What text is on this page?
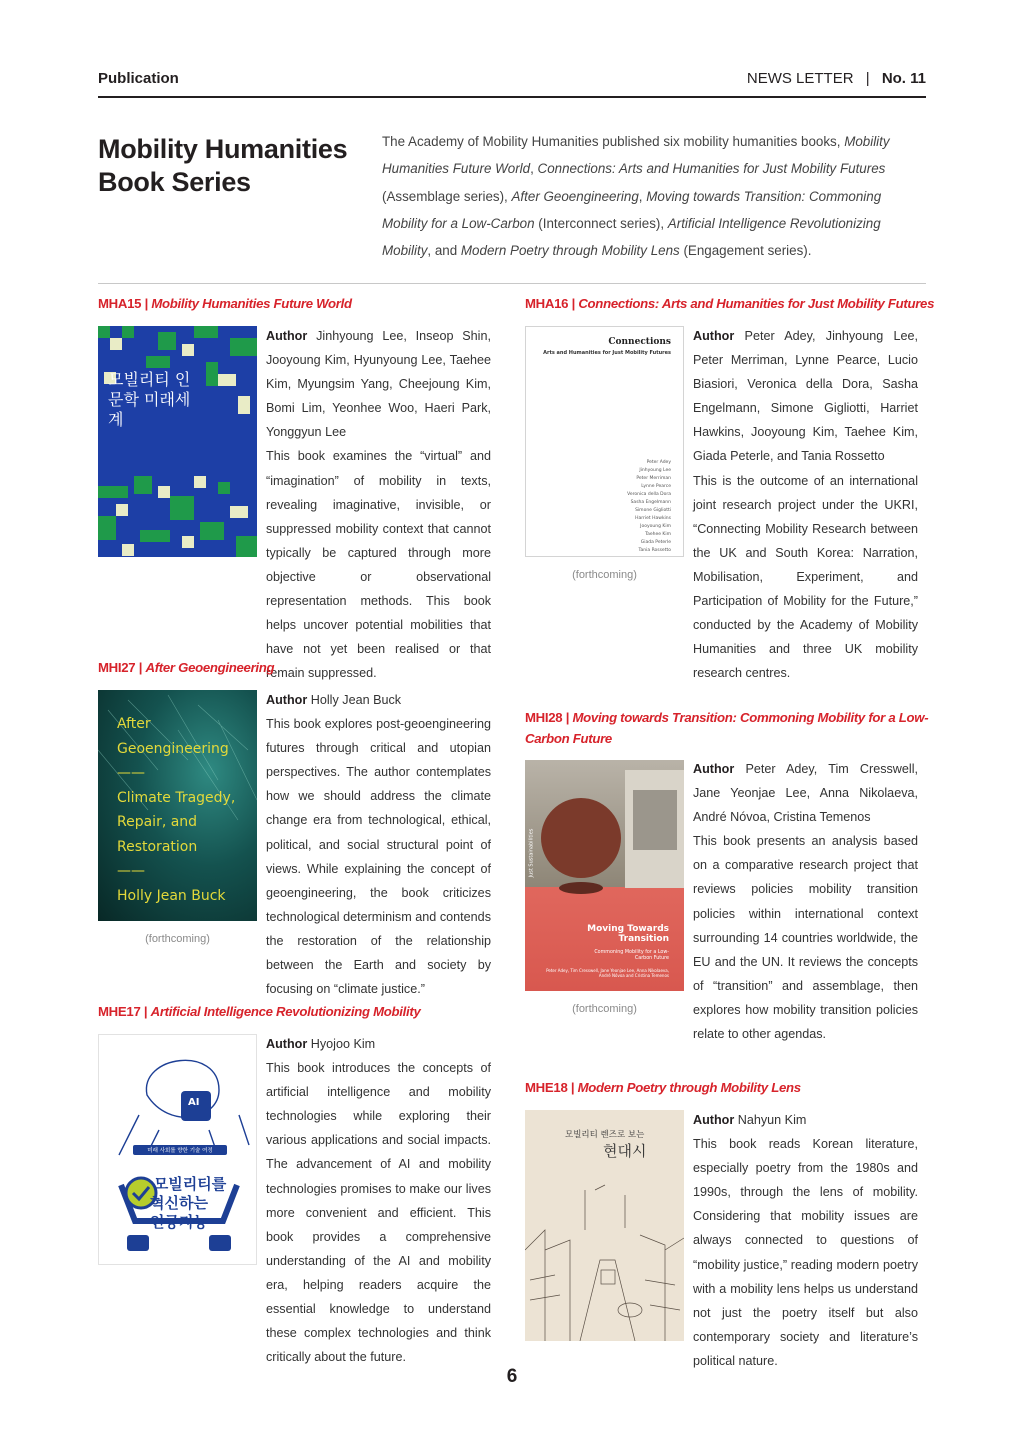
Publication	NEWS LETTER | No. 11
Mobility Humanities Book Series
The Academy of Mobility Humanities published six mobility humanities books, Mobility Humanities Future World, Connections: Arts and Humanities for Just Mobility Futures (Assemblage series), After Geoengineering, Moving towards Transition: Commoning Mobility for a Low-Carbon (Interconnect series), Artificial Intelligence Revolutionizing Mobility, and Modern Poetry through Mobility Lens (Engagement series).
MHA15 | Mobility Humanities Future World
모빌리티 인문학 미래세계
Author Jinhyoung Lee, Inseop Shin, Jooyoung Kim, Hyunyoung Lee, Taehee Kim, Myungsim Yang, Cheejoung Kim, Bomi Lim, Yeonhee Woo, Haeri Park, Yonggyun Lee
This book examines the “virtual” and “imagination” of mobility in texts, revealing imaginative, invisible, or suppressed mobility context that cannot typically be captured through more objective or observational representation methods. This book helps uncover potential mobilities that have not yet been realised or that remain suppressed.
MHA16 | Connections: Arts and Humanities for Just Mobility Futures
Connections
Arts and Humanities for Just Mobility Futures
Peter Adey
Jinhyoung Lee
Peter Merriman
Lynne Pearce
Veronica della Dora
Sasha Engelmann
Simone Gigliotti
Harriet Hawkins
Jooyoung Kim
Taehee Kim
Giada Peterle
Tania Rossetto
(forthcoming)
Author Peter Adey, Jinhyoung Lee, Peter Merriman, Lynne Pearce, Lucio Biasiori, Veronica della Dora, Sasha Engelmann, Simone Gigliotti, Harriet Hawkins, Jooyoung Kim, Taehee Kim, Giada Peterle, and Tania Rossetto
This is the outcome of an international joint research project under the UKRI, “Connecting Mobility Research between the UK and South Korea: Narration, Mobilisation, Experiment, and Participation of Mobility for the Future,” conducted by the Academy of Mobility Humanities and three UK mobility research centres.
MHI27 | After Geoengineering
After
Geoengineering
——
Climate Tragedy,
Repair, and
Restoration
——
Holly Jean Buck
(forthcoming)
Author Holly Jean Buck
This book explores post-geoengineering futures through critical and utopian perspectives. The author contemplates how we should address the climate change era from technological, ethical, political, and social structural point of views. While explaining the concept of geoengineering, the book criticizes technological determinism and contends the restoration of the relationship between the Earth and society by focusing on “climate justice.”
MHI28 | Moving towards Transition: Commoning Mobility for a Low-Carbon Future
Just Sustainabilities
Moving Towards Transition
Commoning Mobility for a Low-Carbon Future
Peter Adey, Tim Cresswell, Jane Yeonjae Lee, Anna Nikolaeva, André Nóvoa and Cristina Temenos
(forthcoming)
Author Peter Adey, Tim Cresswell, Jane Yeonjae Lee, Anna Nikolaeva, André Nóvoa, Cristina Temenos
This book presents an analysis based on a comparative research project that reviews policies mobility transition policies within international context surrounding 14 countries worldwide, the EU and the UN. It reviews the concepts of “transition” and assemblage, then explores how mobility transition policies relate to other agendas.
MHE17 | Artificial Intelligence Revolutionizing Mobility
AI
미래 사회를 향한 기술 여정
모빌리티를
혁신하는
인공지능
Author Hyojoo Kim
This book introduces the concepts of artificial intelligence and mobility technologies while exploring their various applications and social impacts. The advancement of AI and mobility technologies promises to make our lives more convenient and efficient. This book provides a comprehensive understanding of the AI and mobility era, helping readers acquire the essential knowledge to understand these complex technologies and think critically about the future.
MHE18 | Modern Poetry through Mobility Lens
모빌리티 렌즈로 보는
현대시
Author Nahyun Kim
This book reads Korean literature, especially poetry from the 1980s and 1990s, through the lens of mobility. Considering that mobility issues are always connected to questions of “mobility justice,” reading modern poetry with a mobility lens helps us understand not just the poetry itself but also contemporary society and literature’s political nature.
6
